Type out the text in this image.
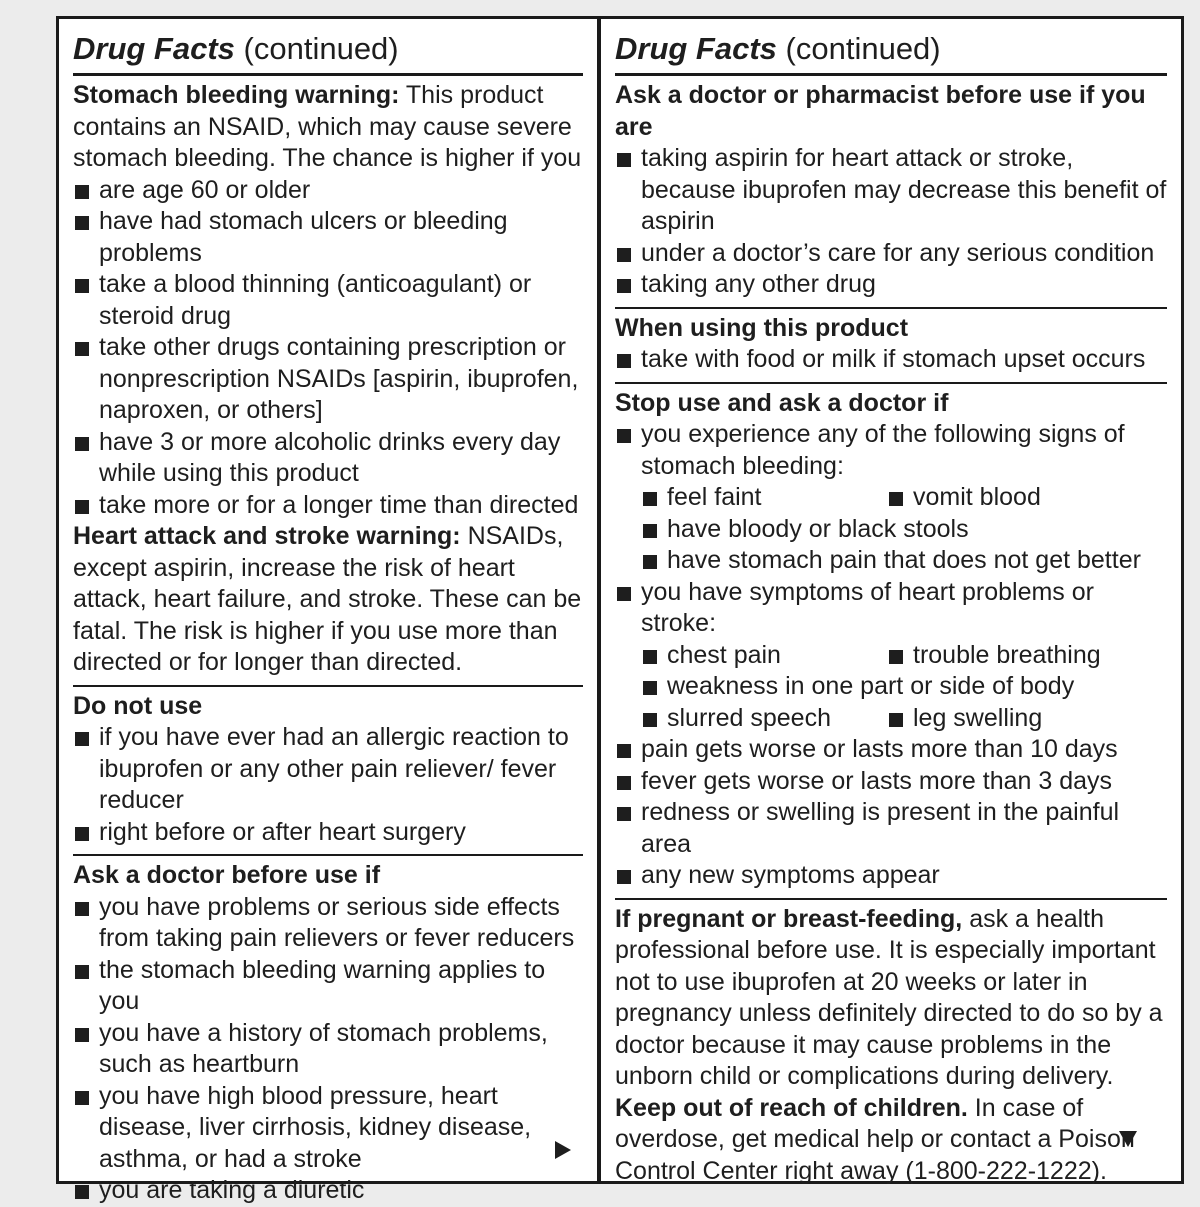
Drug Facts (continued)

Stomach bleeding warning: This product contains an NSAID, which may cause severe stomach bleeding. The chance is higher if you

are age 60 or older
have had stomach ulcers or bleeding problems
take a blood thinning (anticoagulant) or steroid drug
take other drugs containing prescription or nonprescription NSAIDs [aspirin, ibuprofen, naproxen, or others]
have 3 or more alcoholic drinks every day while using this product
take more or for a longer time than directed

Heart attack and stroke warning: NSAIDs, except aspirin, increase the risk of heart attack, heart failure, and stroke. These can be fatal. The risk is higher if you use more than directed or for longer than directed.

Do not use

if you have ever had an allergic reaction to ibuprofen or any other pain reliever/ fever reducer
right before or after heart surgery

Ask a doctor before use if

you have problems or serious side effects from taking pain relievers or fever reducers
the stomach bleeding warning applies to you
you have a history of stomach problems, such as heartburn
you have high blood pressure, heart disease, liver cirrhosis, kidney disease, asthma, or had a stroke
you are taking a diuretic
Drug Facts (continued)

Ask a doctor or pharmacist before use if you are

taking aspirin for heart attack or stroke, because ibuprofen may decrease this benefit of aspirin
under a doctor’s care for any serious condition
taking any other drug

When using this product

take with food or milk if stomach upset occurs

Stop use and ask a doctor if

you experience any of the following signs of stomach bleeding:
feel faint	vomit blood
have bloody or black stools
have stomach pain that does not get better
you have symptoms of heart problems or stroke:
chest pain	trouble breathing
weakness in one part or side of body
slurred speech	leg swelling
pain gets worse or lasts more than 10 days
fever gets worse or lasts more than 3 days
redness or swelling is present in the painful area
any new symptoms appear

If pregnant or breast-feeding, ask a health professional before use. It is especially important not to use ibuprofen at 20 weeks or later in pregnancy unless definitely directed to do so by a doctor because it may cause problems in the unborn child or complications during delivery.

Keep out of reach of children. In case of overdose, get medical help or contact a Poison Control Center right away (1-800-222-1222).
